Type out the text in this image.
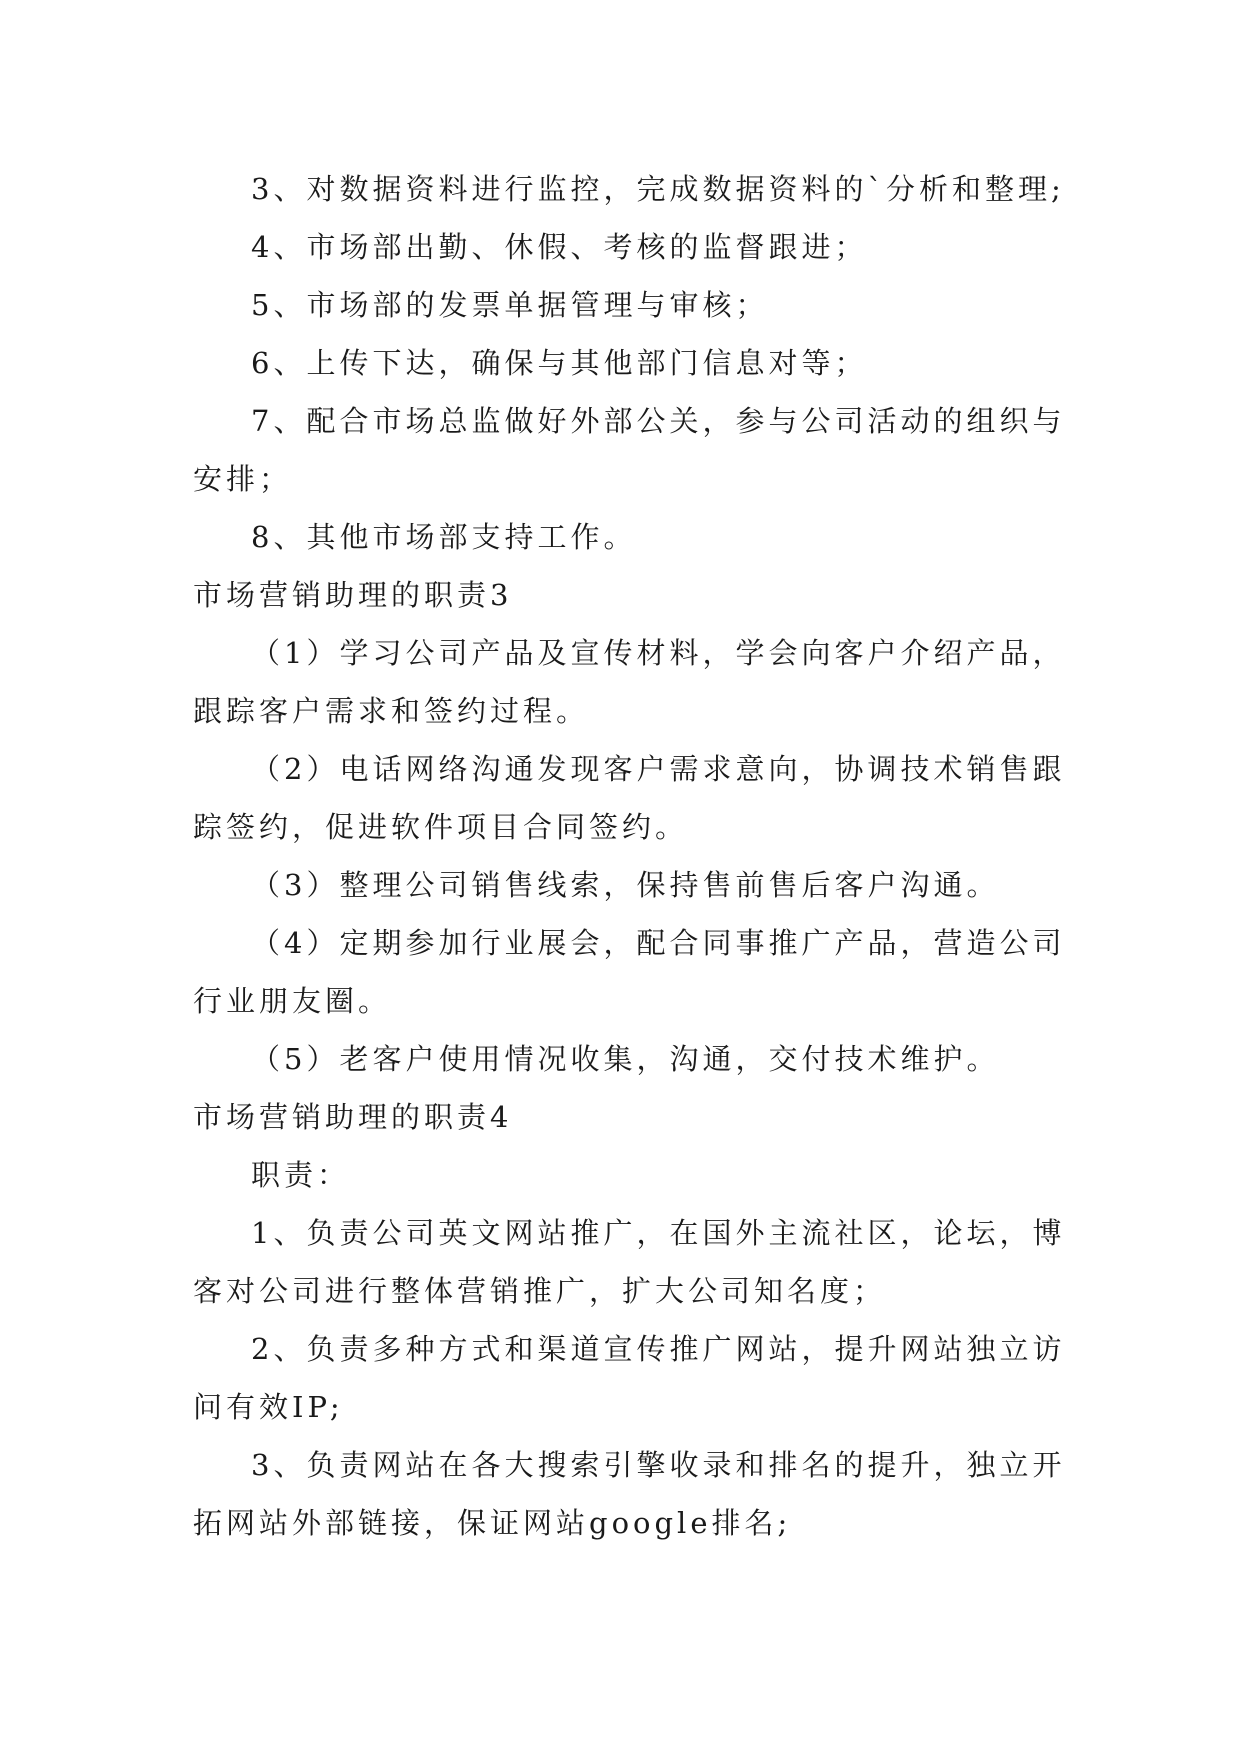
3、对数据资料进行监控，完成数据资料的`分析和整理;

4、市场部出勤、休假、考核的监督跟进；

5、市场部的发票单据管理与审核；

6、上传下达，确保与其他部门信息对等；

7、配合市场总监做好外部公关，参与公司活动的组织与安排；

8、其他市场部支持工作。

市场营销助理的职责3

（1）学习公司产品及宣传材料，学会向客户介绍产品，跟踪客户需求和签约过程。

（2）电话网络沟通发现客户需求意向，协调技术销售跟踪签约，促进软件项目合同签约。

（3）整理公司销售线索，保持售前售后客户沟通。

（4）定期参加行业展会，配合同事推广产品，营造公司行业朋友圈。

（5）老客户使用情况收集，沟通，交付技术维护。

市场营销助理的职责4

职责：

1、负责公司英文网站推广，在国外主流社区，论坛，博客对公司进行整体营销推广，扩大公司知名度；

2、负责多种方式和渠道宣传推广网站，提升网站独立访问有效IP;

3、负责网站在各大搜索引擎收录和排名的提升，独立开拓网站外部链接，保证网站google排名;
